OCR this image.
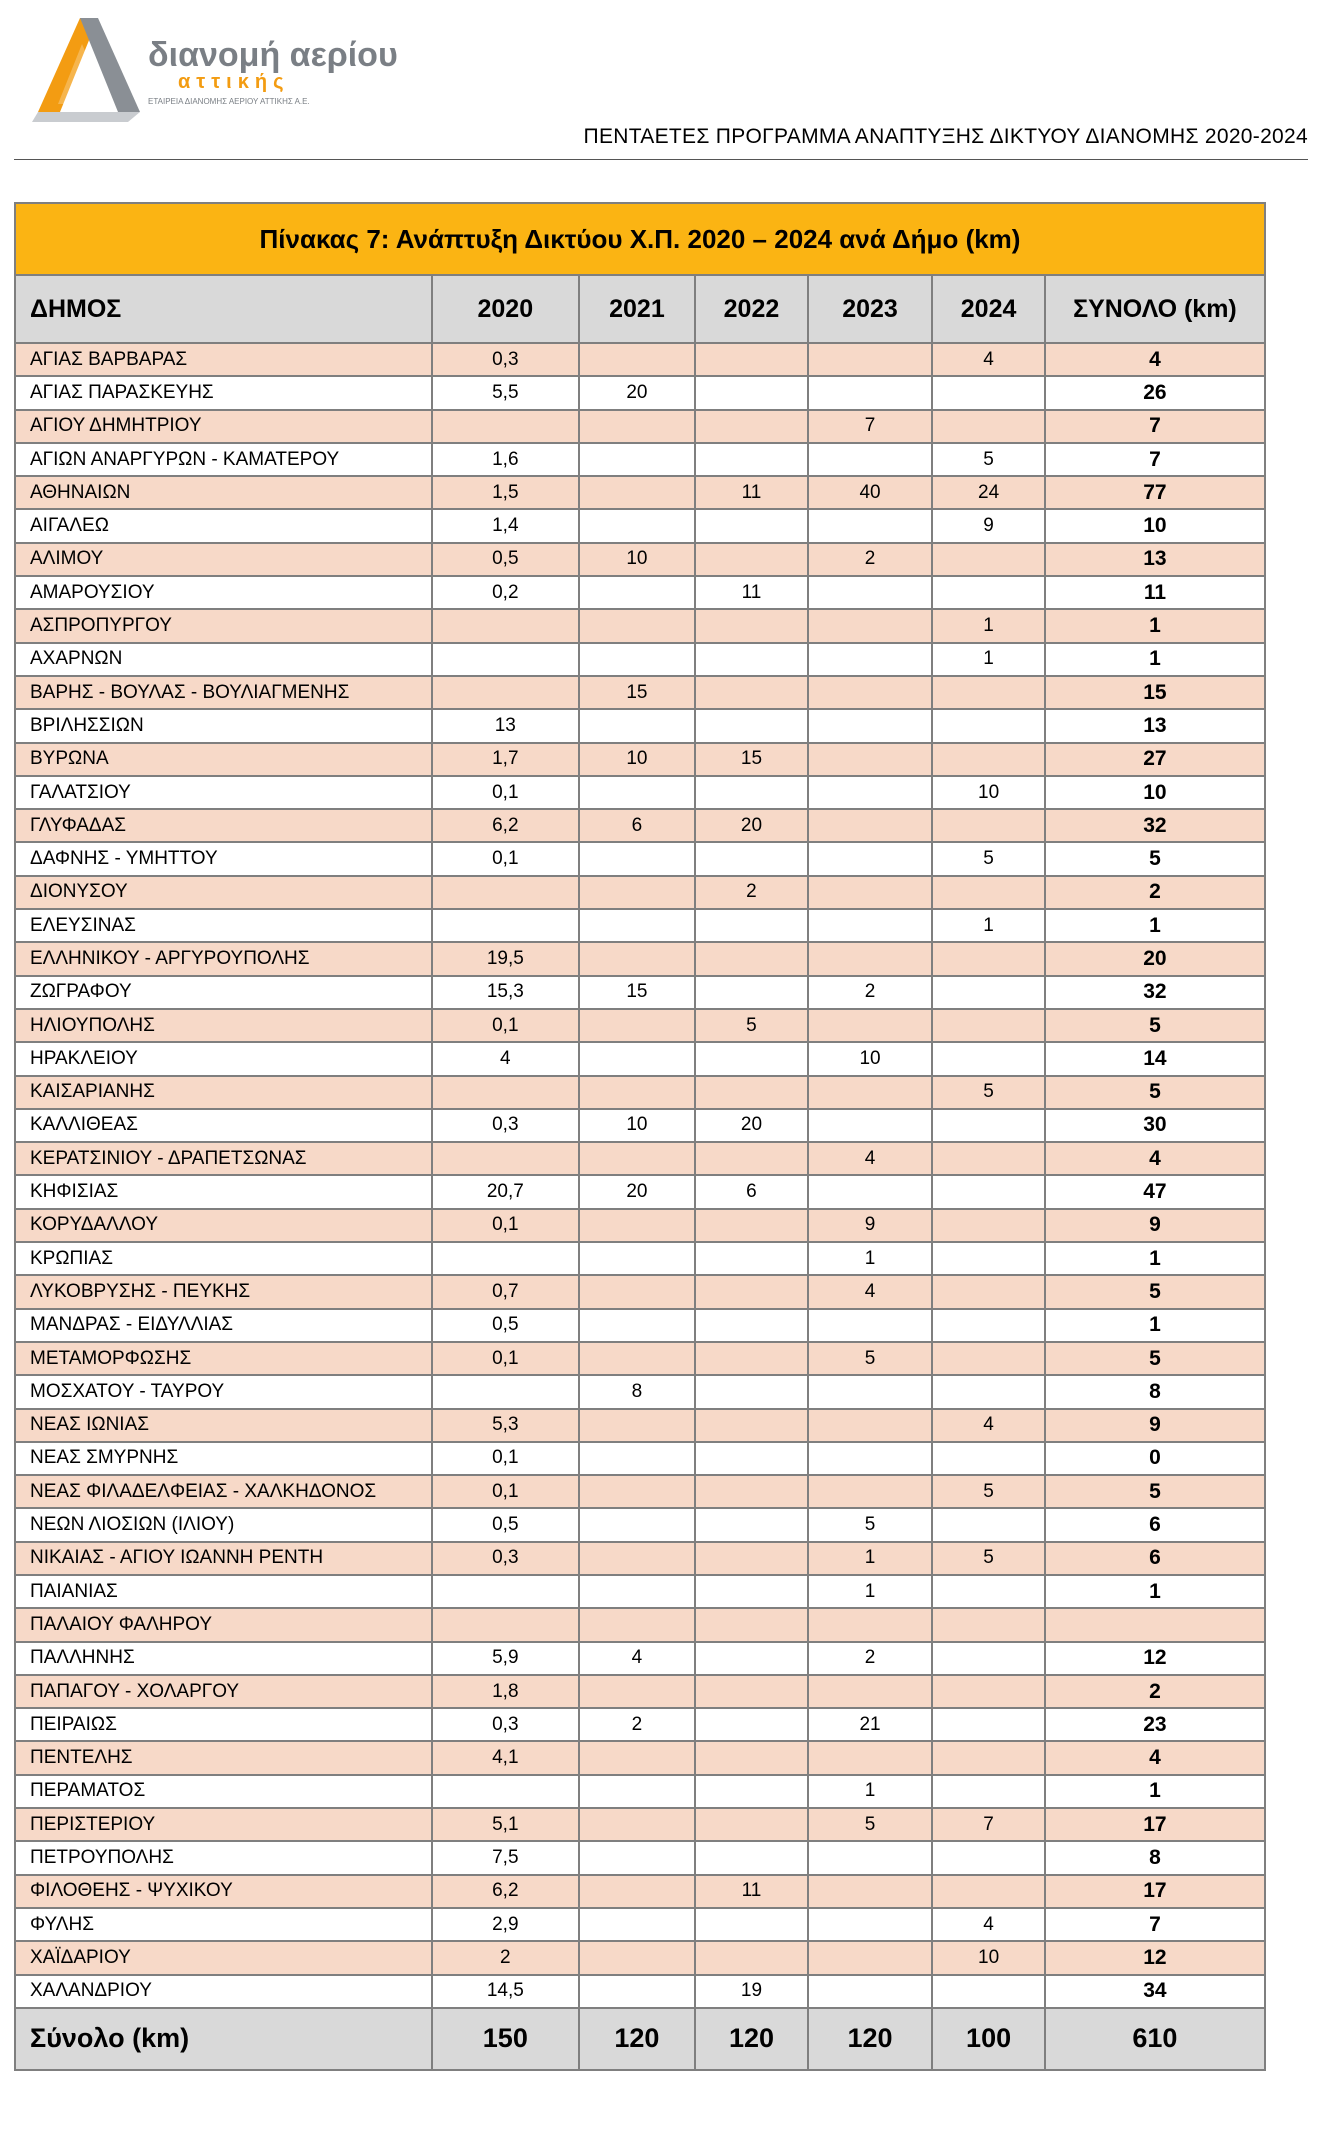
διανομή αερίου
αττικής
ΕΤΑΙΡΕΙΑ ΔΙΑΝΟΜΗΣ ΑΕΡΙΟΥ ΑΤΤΙΚΗΣ Α.Ε.
ΠΕΝΤΑΕΤΕΣ ΠΡΟΓΡΑΜΜΑ ΑΝΑΠΤΥΞΗΣ ΔΙΚΤΥΟΥ ΔΙΑΝΟΜΗΣ 2020-2024
Πίνακας 7: Ανάπτυξη Δικτύου Χ.Π. 2020 – 2024 ανά Δήμο (km)						
ΔΗΜΟΣ	2020	2021	2022	2023	2024	ΣΥΝΟΛΟ (km)
ΑΓΙΑΣ ΒΑΡΒΑΡΑΣ	0,3				4	4
ΑΓΙΑΣ ΠΑΡΑΣΚΕΥΗΣ	5,5	20				26
ΑΓΙΟΥ ΔΗΜΗΤΡΙΟΥ				7		7
ΑΓΙΩΝ ΑΝΑΡΓΥΡΩΝ - ΚΑΜΑΤΕΡΟΥ	1,6				5	7
ΑΘΗΝΑΙΩΝ	1,5		11	40	24	77
ΑΙΓΑΛΕΩ	1,4				9	10
ΑΛΙΜΟΥ	0,5	10		2		13
ΑΜΑΡΟΥΣΙΟΥ	0,2		11			11
ΑΣΠΡΟΠΥΡΓΟΥ					1	1
ΑΧΑΡΝΩΝ					1	1
ΒΑΡΗΣ - ΒΟΥΛΑΣ - ΒΟΥΛΙΑΓΜΕΝΗΣ		15				15
ΒΡΙΛΗΣΣΙΩΝ	13					13
ΒΥΡΩΝΑ	1,7	10	15			27
ΓΑΛΑΤΣΙΟΥ	0,1				10	10
ΓΛΥΦΑΔΑΣ	6,2	6	20			32
ΔΑΦΝΗΣ - ΥΜΗΤΤΟΥ	0,1				5	5
ΔΙΟΝΥΣΟΥ			2			2
ΕΛΕΥΣΙΝΑΣ					1	1
ΕΛΛΗΝΙΚΟΥ - ΑΡΓΥΡΟΥΠΟΛΗΣ	19,5					20
ΖΩΓΡΑΦΟΥ	15,3	15		2		32
ΗΛΙΟΥΠΟΛΗΣ	0,1		5			5
ΗΡΑΚΛΕΙΟΥ	4			10		14
ΚΑΙΣΑΡΙΑΝΗΣ					5	5
ΚΑΛΛΙΘΕΑΣ	0,3	10	20			30
ΚΕΡΑΤΣΙΝΙΟΥ - ΔΡΑΠΕΤΣΩΝΑΣ				4		4
ΚΗΦΙΣΙΑΣ	20,7	20	6			47
ΚΟΡΥΔΑΛΛΟΥ	0,1			9		9
ΚΡΩΠΙΑΣ				1		1
ΛΥΚΟΒΡΥΣΗΣ - ΠΕΥΚΗΣ	0,7			4		5
ΜΑΝΔΡΑΣ - ΕΙΔΥΛΛΙΑΣ	0,5					1
ΜΕΤΑΜΟΡΦΩΣΗΣ	0,1			5		5
ΜΟΣΧΑΤΟΥ - ΤΑΥΡΟΥ		8				8
ΝΕΑΣ ΙΩΝΙΑΣ	5,3				4	9
ΝΕΑΣ ΣΜΥΡΝΗΣ	0,1					0
ΝΕΑΣ ΦΙΛΑΔΕΛΦΕΙΑΣ - ΧΑΛΚΗΔΟΝΟΣ	0,1				5	5
ΝΕΩΝ ΛΙΟΣΙΩΝ (ΙΛΙΟΥ)	0,5			5		6
ΝΙΚΑΙΑΣ - ΑΓΙΟΥ ΙΩΑΝΝΗ ΡΕΝΤΗ	0,3			1	5	6
ΠΑΙΑΝΙΑΣ				1		1
ΠΑΛΑΙΟΥ ΦΑΛΗΡΟΥ						
ΠΑΛΛΗΝΗΣ	5,9	4		2		12
ΠΑΠΑΓΟΥ - ΧΟΛΑΡΓΟΥ	1,8					2
ΠΕΙΡΑΙΩΣ	0,3	2		21		23
ΠΕΝΤΕΛΗΣ	4,1					4
ΠΕΡΑΜΑΤΟΣ				1		1
ΠΕΡΙΣΤΕΡΙΟΥ	5,1			5	7	17
ΠΕΤΡΟΥΠΟΛΗΣ	7,5					8
ΦΙΛΟΘΕΗΣ - ΨΥΧΙΚΟΥ	6,2		11			17
ΦΥΛΗΣ	2,9				4	7
ΧΑΪΔΑΡΙΟΥ	2				10	12
ΧΑΛΑΝΔΡΙΟΥ	14,5		19			34
Σύνολο (km)	150	120	120	120	100	610
